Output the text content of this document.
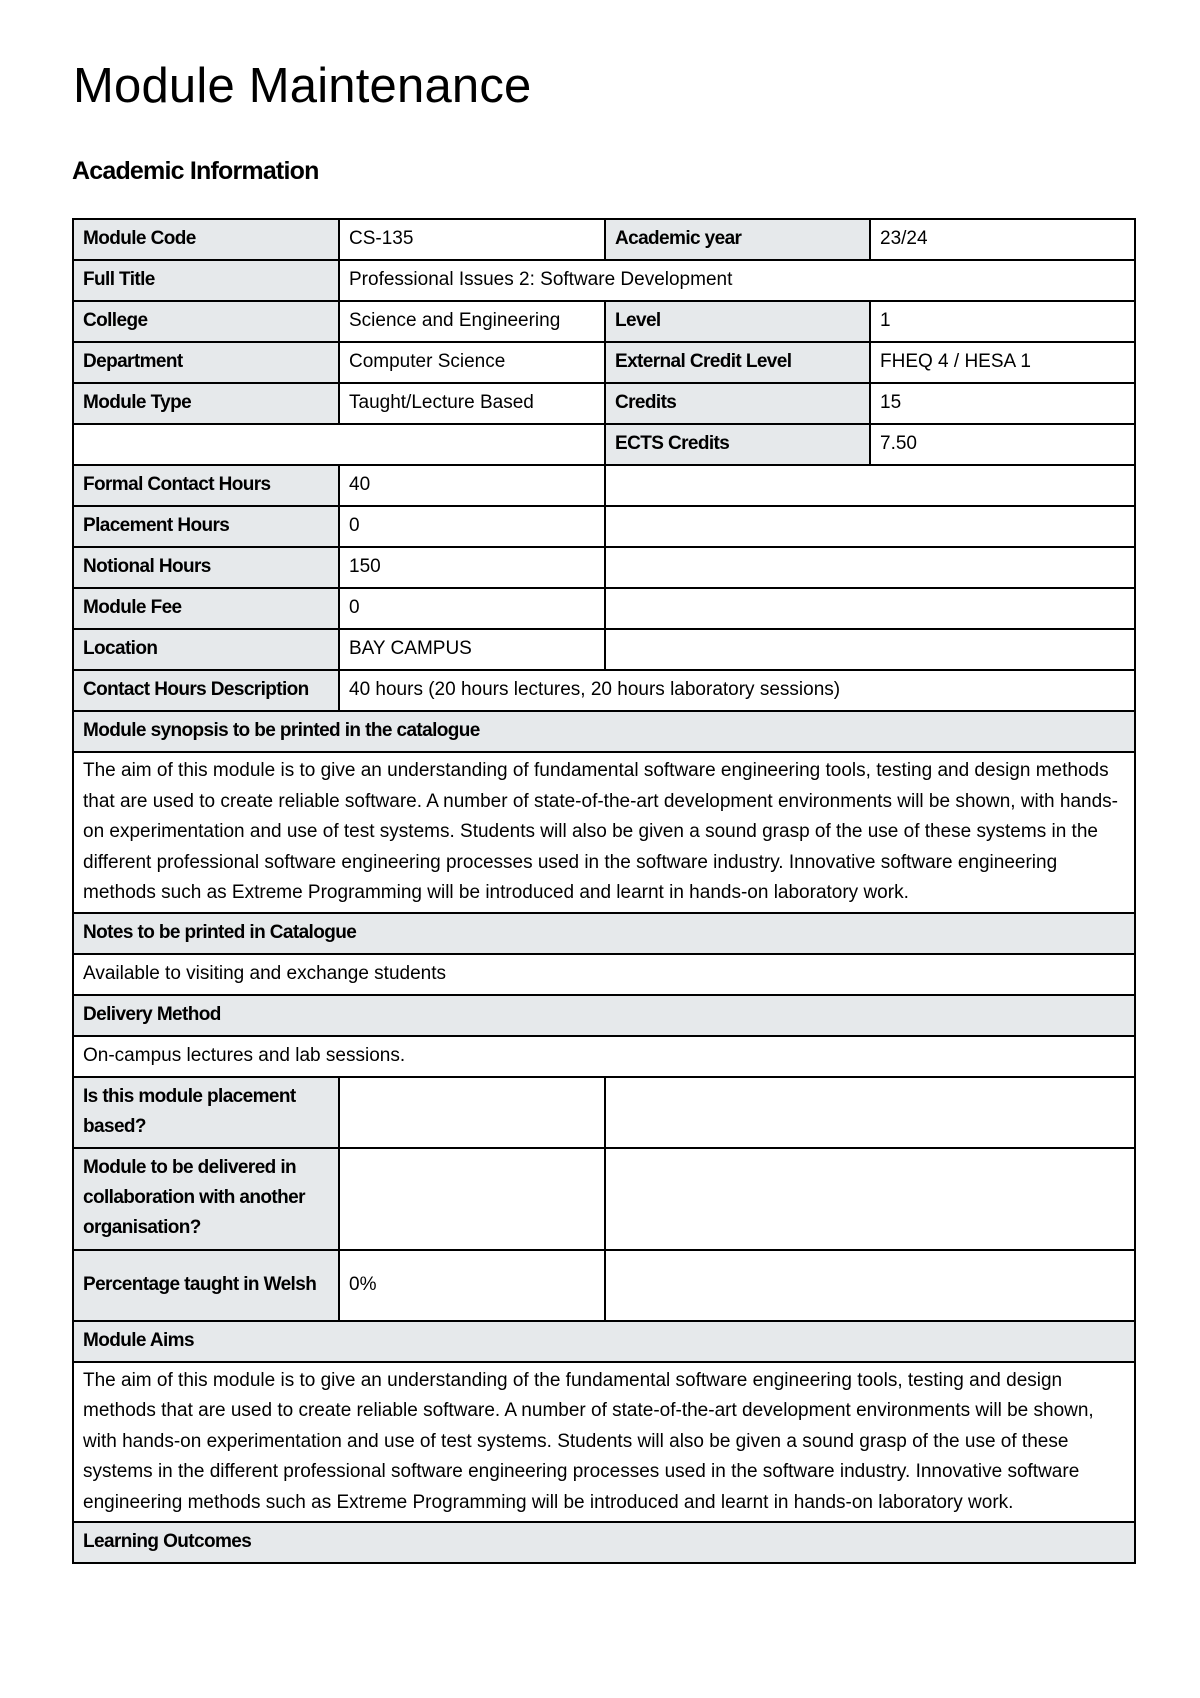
Module Maintenance
Academic Information
Module Code	CS-135	Academic year	23/24
Full Title	Professional Issues 2: Software Development		
College	Science and Engineering	Level	1
Department	Computer Science	External Credit Level	FHEQ 4 / HESA 1
Module Type	Taught/Lecture Based	Credits	15
		ECTS Credits	7.50
Formal Contact Hours	40		
Placement Hours	0		
Notional Hours	150		
Module Fee	0		
Location	BAY CAMPUS		
Contact Hours Description	40 hours (20 hours lectures, 20 hours laboratory sessions)		
Module synopsis to be printed in the catalogue			
The aim of this module is to give an understanding of fundamental software engineering tools, testing and design methods that are used to create reliable software. A number of state-of-the-art development environments will be shown, with hands-on experimentation and use of test systems. Students will also be given a sound grasp of the use of these systems in the different professional software engineering processes used in the software industry. Innovative software engineering methods such as Extreme Programming will be introduced and learnt in hands-on laboratory work.			
Notes to be printed in Catalogue			
Available to visiting and exchange students			
Delivery Method			
On-campus lectures and lab sessions.			
Is this module placement based?			
Module to be delivered in collaboration with another organisation?			
Percentage taught in Welsh	0%		
Module Aims			
The aim of this module is to give an understanding of the fundamental software engineering tools, testing and design methods that are used to create reliable software. A number of state-of-the-art development environments will be shown, with hands-on experimentation and use of test systems. Students will also be given a sound grasp of the use of these systems in the different professional software engineering processes used in the software industry. Innovative software engineering methods such as Extreme Programming will be introduced and learnt in hands-on laboratory work.			
Learning Outcomes			
